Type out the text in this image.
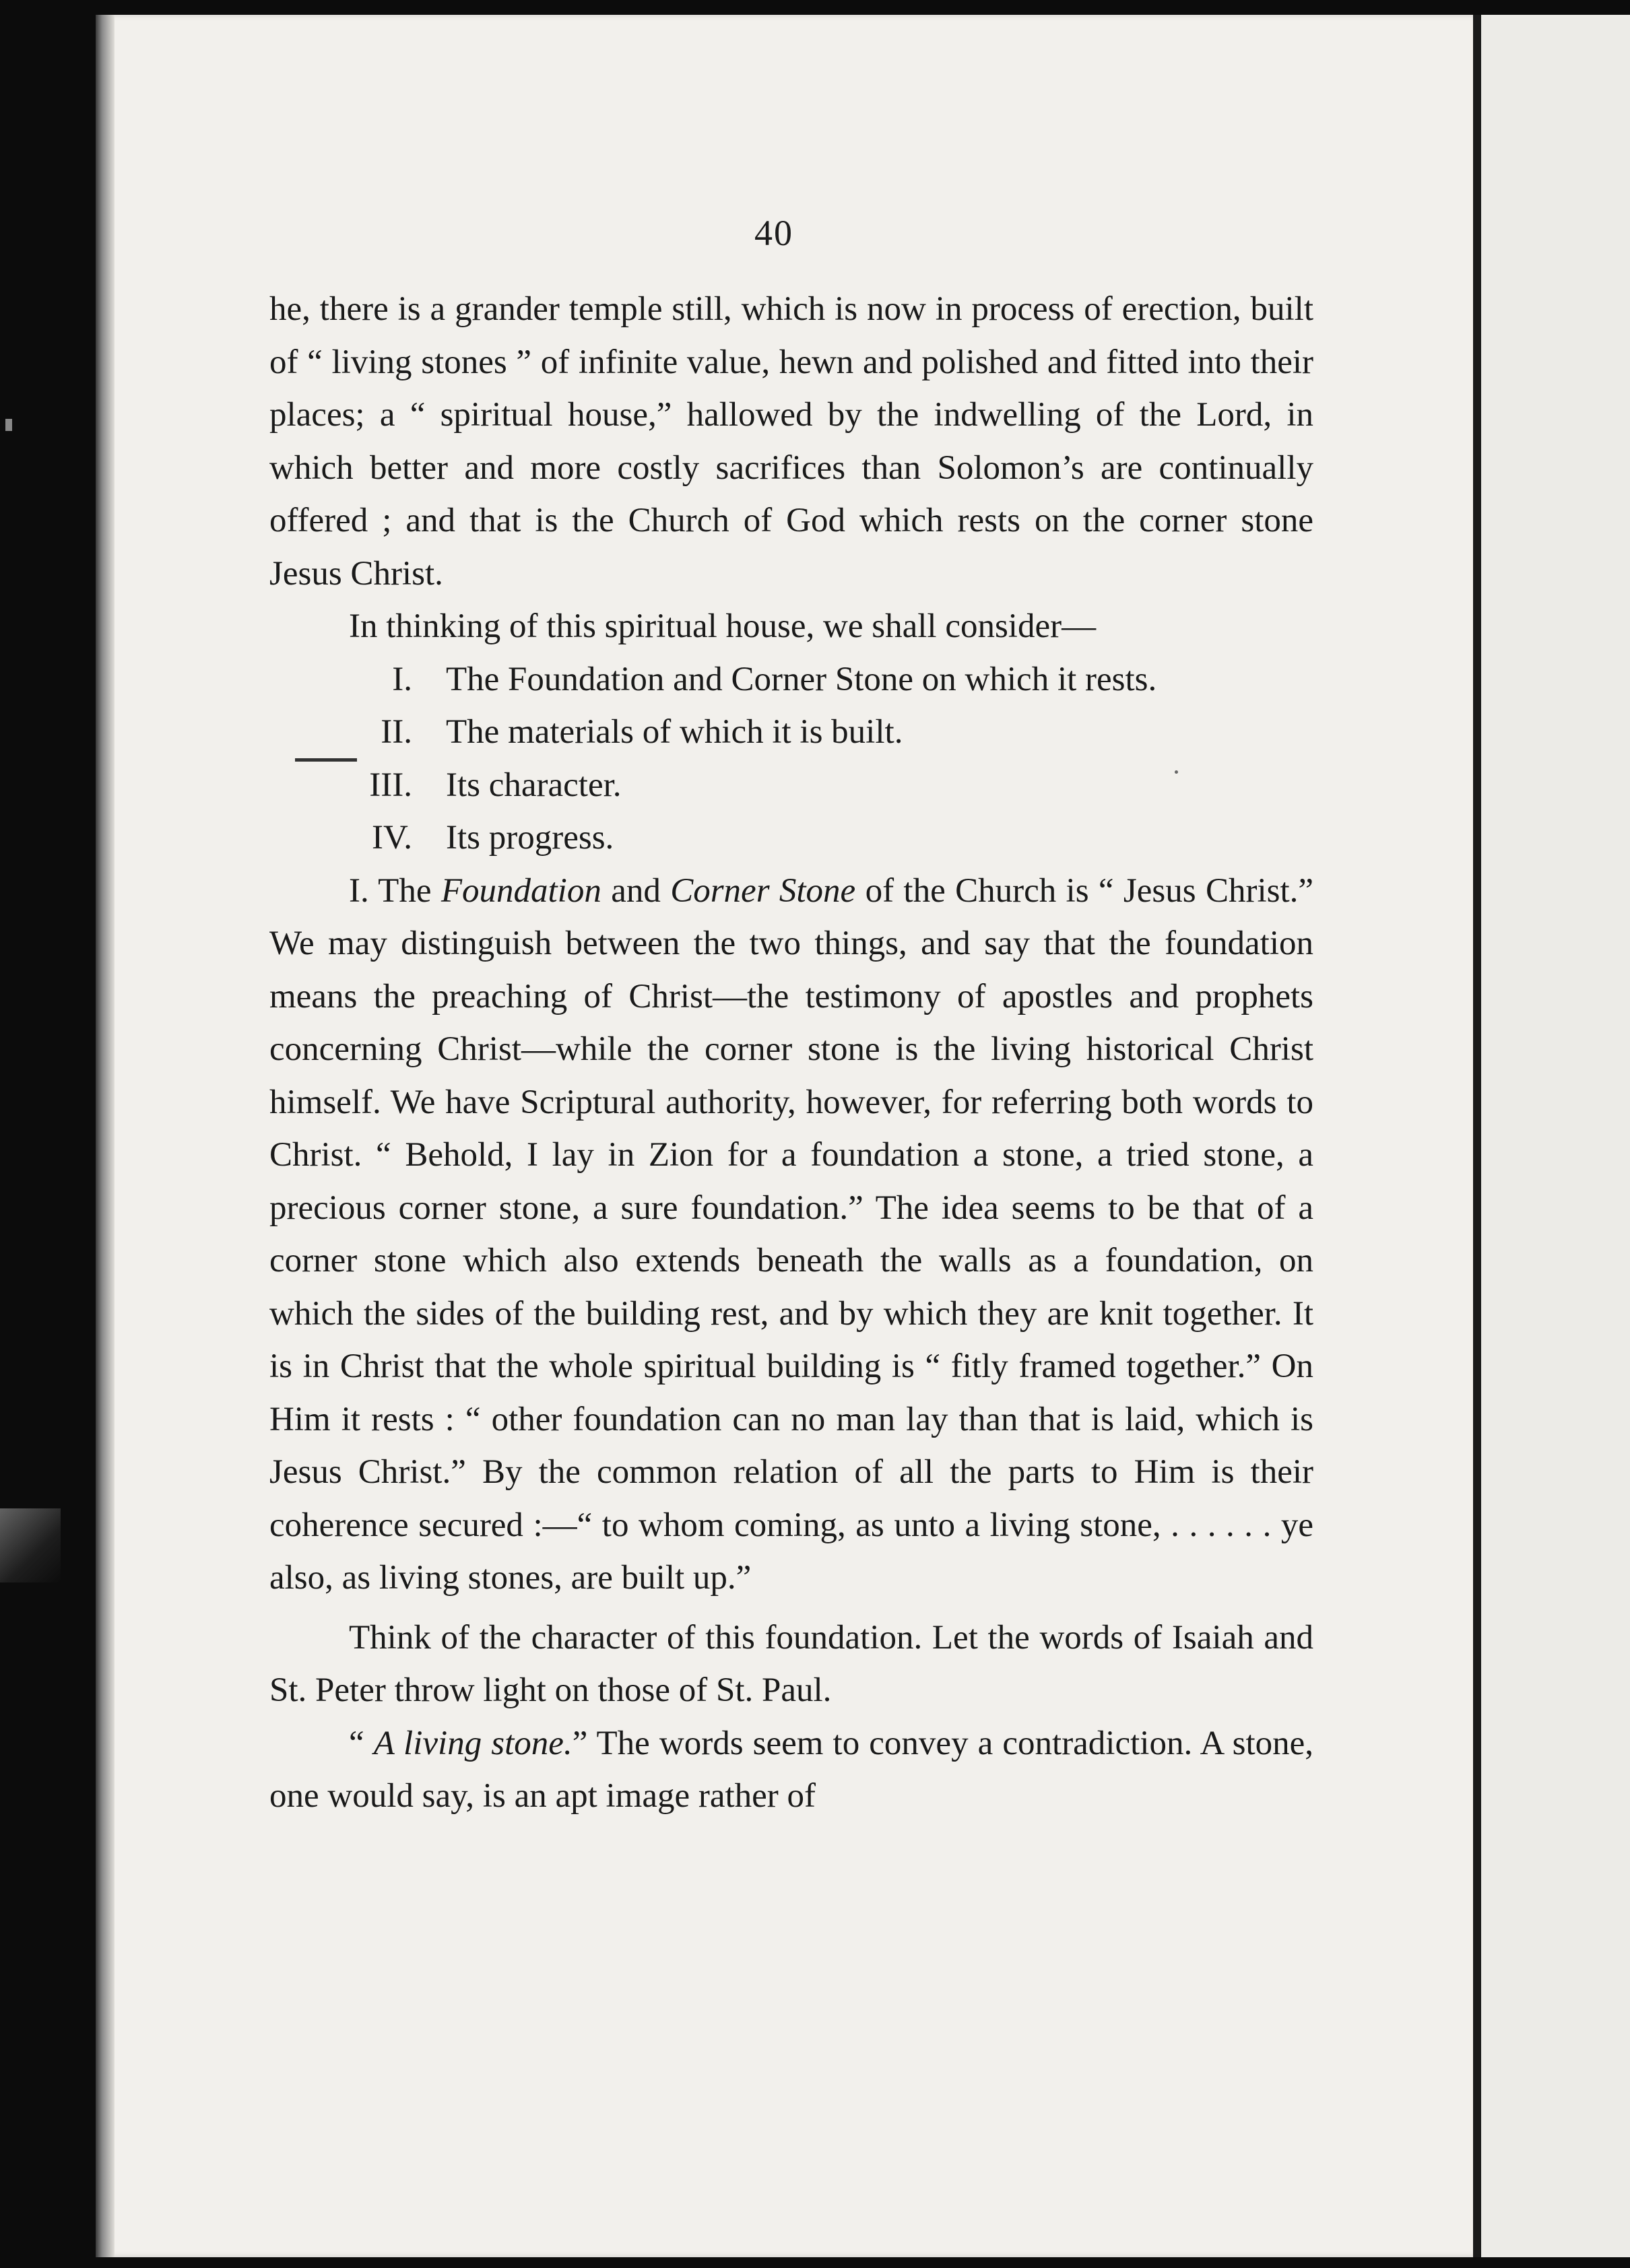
40

he, there is a grander temple still, which is now in process of erection, built of “ living stones ” of infinite value, hewn and polished and fitted into their places; a “ spiritual house,” hallowed by the indwelling of the Lord, in which better and more costly sacrifices than Solomon’s are continually offered ; and that is the Church of God which rests on the corner stone Jesus Christ.

In thinking of this spiritual house, we shall consider—

I. The Foundation and Corner Stone on which it rests.
II. The materials of which it is built.
III. Its character.
IV. Its progress.

I. The Foundation and Corner Stone of the Church is “ Jesus Christ.” We may distinguish between the two things, and say that the foundation means the preaching of Christ—the testimony of apostles and prophets concerning Christ—while the corner stone is the living historical Christ himself. We have Scriptural authority, however, for referring both words to Christ. “ Behold, I lay in Zion for a foundation a stone, a tried stone, a precious corner stone, a sure foundation.” The idea seems to be that of a corner stone which also extends beneath the walls as a foundation, on which the sides of the building rest, and by which they are knit together. It is in Christ that the whole spiritual building is “ fitly framed together.” On Him it rests : “ other foundation can no man lay than that is laid, which is Jesus Christ.” By the common relation of all the parts to Him is their coherence secured :—“ to whom coming, as unto a living stone, . . . . . . ye also, as living stones, are built up.”

Think of the character of this foundation. Let the words of Isaiah and St. Peter throw light on those of St. Paul.

“ A living stone.” The words seem to convey a contradiction. A stone, one would say, is an apt image rather of
